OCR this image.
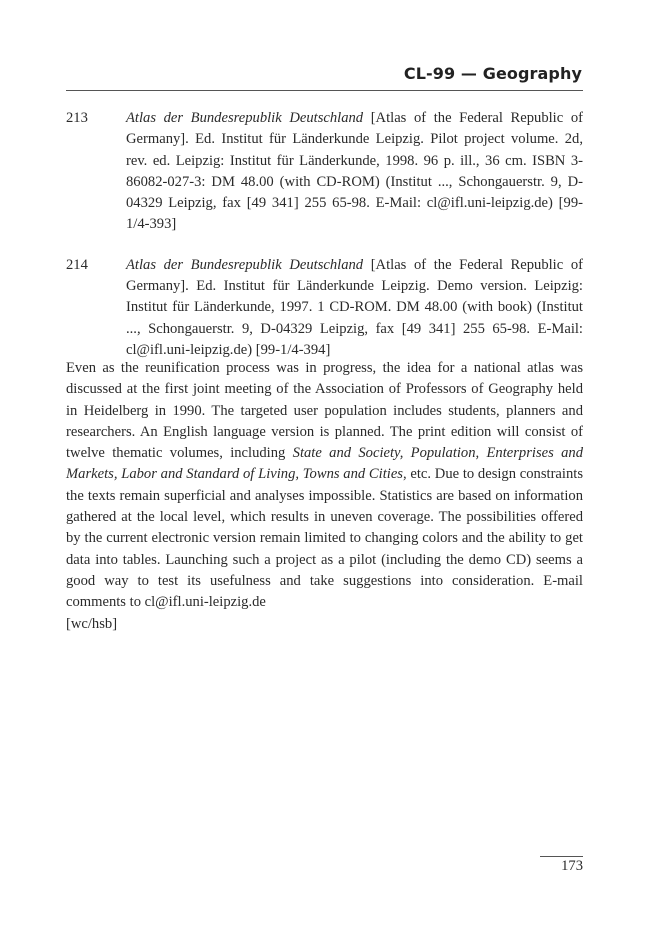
CL-99 — Geography
213	Atlas der Bundesrepublik Deutschland [Atlas of the Federal Republic of Germany]. Ed. Institut für Länderkunde Leipzig. Pilot project volume. 2d, rev. ed. Leipzig: Institut für Länderkunde, 1998. 96 p. ill., 36 cm. ISBN 3-86082-027-3: DM 48.00 (with CD-ROM) (Institut ..., Schongauerstr. 9, D-04329 Leipzig, fax [49 341] 255 65-98. E-Mail: cl@ifl.uni-leipzig.de) [99-1/4-393]
214	Atlas der Bundesrepublik Deutschland [Atlas of the Federal Republic of Germany]. Ed. Institut für Länderkunde Leipzig. Demo version. Leipzig: Institut für Länderkunde, 1997. 1 CD-ROM. DM 48.00 (with book) (Institut ..., Schongauerstr. 9, D-04329 Leipzig, fax [49 341] 255 65-98. E-Mail: cl@ifl.uni-leipzig.de) [99-1/4-394]

Even as the reunification process was in progress, the idea for a national atlas was discussed at the first joint meeting of the Association of Professors of Geography held in Heidelberg in 1990. The targeted user population includes students, planners and researchers. An English language version is planned. The print edition will consist of twelve thematic volumes, including State and Society, Population, Enterprises and Markets, Labor and Standard of Living, Towns and Cities, etc. Due to design constraints the texts remain superficial and analyses impossible. Statistics are based on information gathered at the local level, which results in uneven coverage. The possibilities offered by the current electronic version remain limited to changing colors and the ability to get data into tables. Launching such a project as a pilot (including the demo CD) seems a good way to test its usefulness and take suggestions into consideration. E-mail comments to cl@ifl.uni-leipzig.de

[wc/hsb]

173
